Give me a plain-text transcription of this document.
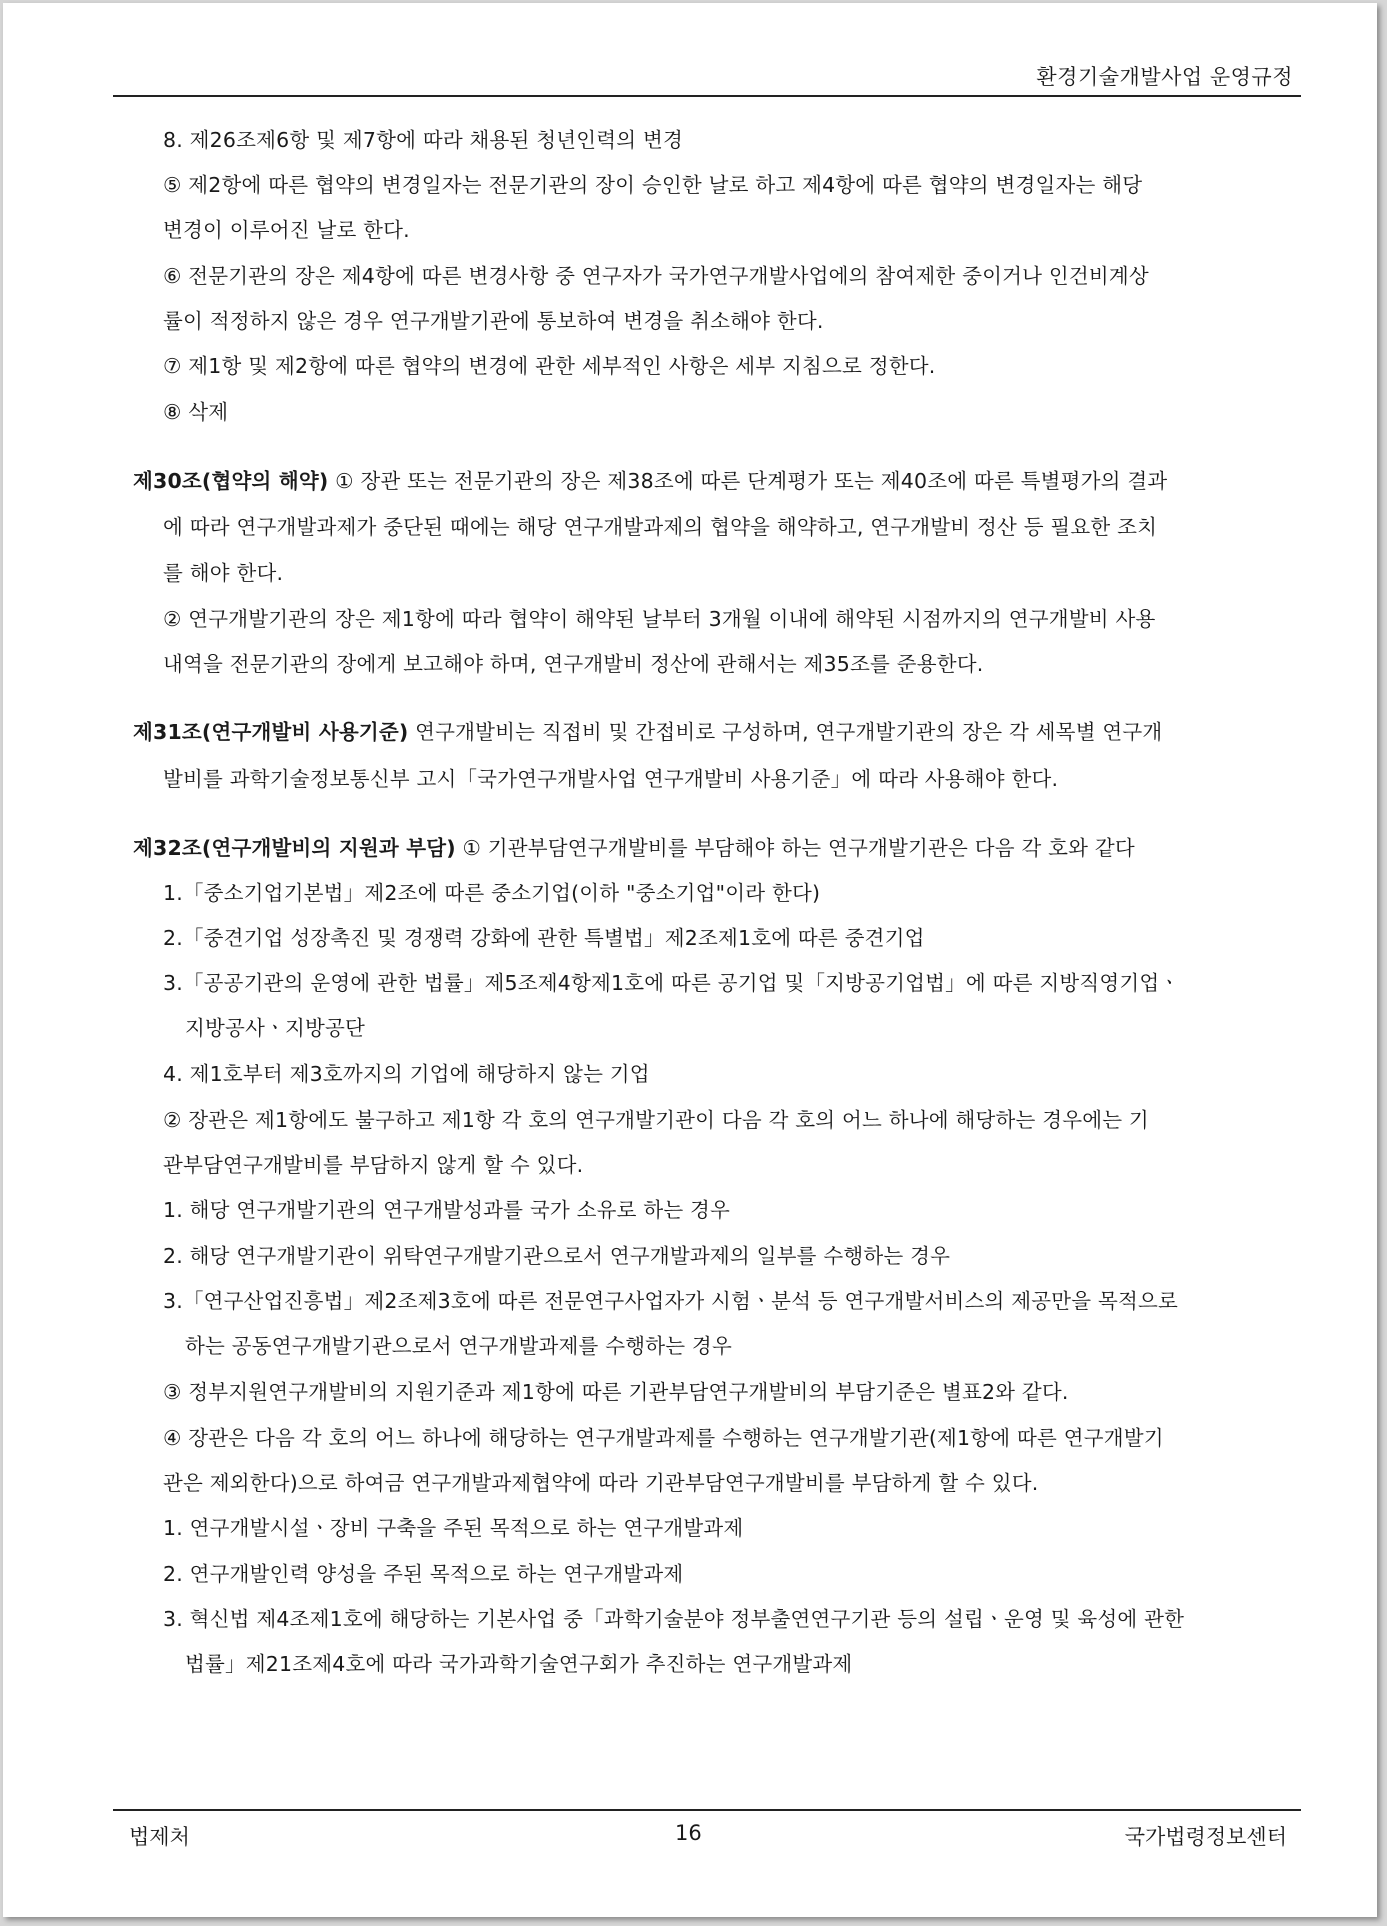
환경기술개발사업 운영규정
8. 제26조제6항 및 제7항에 따라 채용된 청년인력의 변경
⑤ 제2항에 따른 협약의 변경일자는 전문기관의 장이 승인한 날로 하고 제4항에 따른 협약의 변경일자는 해당
변경이 이루어진 날로 한다.
⑥ 전문기관의 장은 제4항에 따른 변경사항 중 연구자가 국가연구개발사업에의 참여제한 중이거나 인건비계상
률이 적정하지 않은 경우 연구개발기관에 통보하여 변경을 취소해야 한다.
⑦ 제1항 및 제2항에 따른 협약의 변경에 관한 세부적인 사항은 세부 지침으로 정한다.
⑧ 삭제
제30조(협약의 해약) ① 장관 또는 전문기관의 장은 제38조에 따른 단계평가 또는 제40조에 따른 특별평가의 결과
에 따라 연구개발과제가 중단된 때에는 해당 연구개발과제의 협약을 해약하고, 연구개발비 정산 등 필요한 조치
를 해야 한다.
② 연구개발기관의 장은 제1항에 따라 협약이 해약된 날부터 3개월 이내에 해약된 시점까지의 연구개발비 사용
내역을 전문기관의 장에게 보고해야 하며, 연구개발비 정산에 관해서는 제35조를 준용한다.
제31조(연구개발비 사용기준) 연구개발비는 직접비 및 간접비로 구성하며, 연구개발기관의 장은 각 세목별 연구개
발비를 과학기술정보통신부 고시「국가연구개발사업 연구개발비 사용기준」에 따라 사용해야 한다.
제32조(연구개발비의 지원과 부담) ① 기관부담연구개발비를 부담해야 하는 연구개발기관은 다음 각 호와 같다
1.「중소기업기본법」제2조에 따른 중소기업(이하 "중소기업"이라 한다)
2.「중견기업 성장촉진 및 경쟁력 강화에 관한 특별법」제2조제1호에 따른 중견기업
3.「공공기관의 운영에 관한 법률」제5조제4항제1호에 따른 공기업 및「지방공기업법」에 따른 지방직영기업ㆍ
지방공사ㆍ지방공단
4. 제1호부터 제3호까지의 기업에 해당하지 않는 기업
② 장관은 제1항에도 불구하고 제1항 각 호의 연구개발기관이 다음 각 호의 어느 하나에 해당하는 경우에는 기
관부담연구개발비를 부담하지 않게 할 수 있다.
1. 해당 연구개발기관의 연구개발성과를 국가 소유로 하는 경우
2. 해당 연구개발기관이 위탁연구개발기관으로서 연구개발과제의 일부를 수행하는 경우
3.「연구산업진흥법」제2조제3호에 따른 전문연구사업자가 시험ㆍ분석 등 연구개발서비스의 제공만을 목적으로
하는 공동연구개발기관으로서 연구개발과제를 수행하는 경우
③ 정부지원연구개발비의 지원기준과 제1항에 따른 기관부담연구개발비의 부담기준은 별표2와 같다.
④ 장관은 다음 각 호의 어느 하나에 해당하는 연구개발과제를 수행하는 연구개발기관(제1항에 따른 연구개발기
관은 제외한다)으로 하여금 연구개발과제협약에 따라 기관부담연구개발비를 부담하게 할 수 있다.
1. 연구개발시설ㆍ장비 구축을 주된 목적으로 하는 연구개발과제
2. 연구개발인력 양성을 주된 목적으로 하는 연구개발과제
3. 혁신법 제4조제1호에 해당하는 기본사업 중「과학기술분야 정부출연연구기관 등의 설립ㆍ운영 및 육성에 관한
법률」제21조제4호에 따라 국가과학기술연구회가 추진하는 연구개발과제
법제처	16	국가법령정보센터
